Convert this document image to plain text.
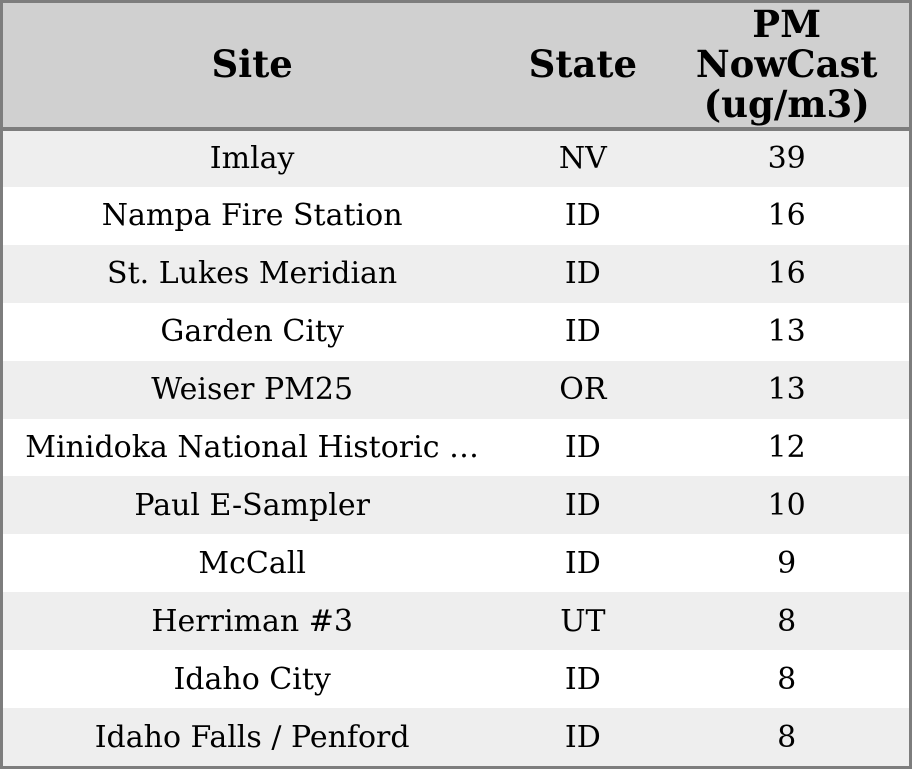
Site	State	PM
NowCast
(ug/m3)

Imlay	NV	39
Nampa Fire Station	ID	16
St. Lukes Meridian	ID	16
Garden City	ID	13
Weiser PM25	OR	13
Minidoka National Historic …	ID	12
Paul E-Sampler	ID	10
McCall	ID	9
Herriman #3	UT	8
Idaho City	ID	8
Idaho Falls / Penford	ID	8
